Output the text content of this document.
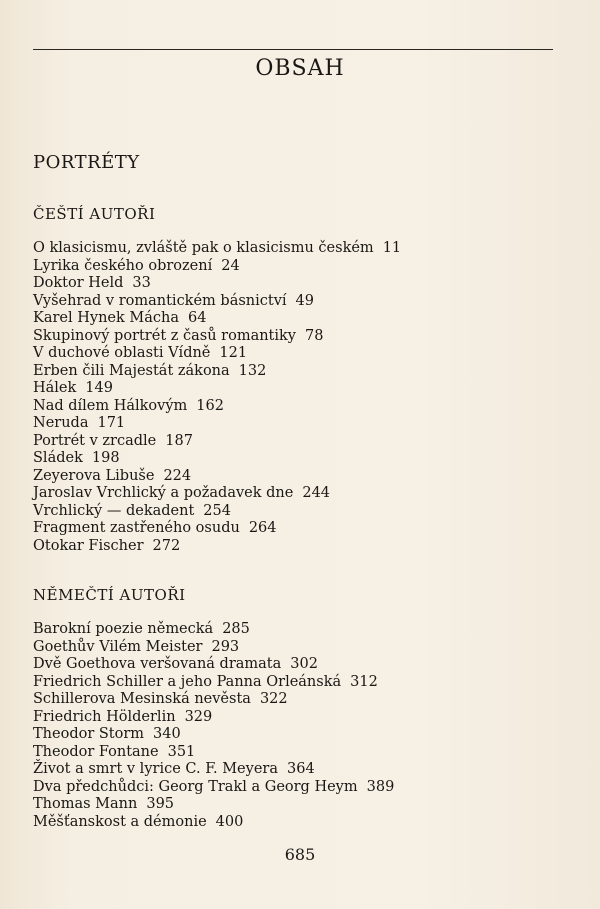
OBSAH
PORTRÉTY
ČEŠTÍ AUTOŘI
O klasicismu, zvláště pak o klasicismu českém 11
Lyrika českého obrození 24
Doktor Held 33
Vyšehrad v romantickém básnictví 49
Karel Hynek Mácha 64
Skupinový portrét z časů romantiky 78
V duchové oblasti Vídně 121
Erben čili Majestát zákona 132
Hálek 149
Nad dílem Hálkovým 162
Neruda 171
Portrét v zrcadle 187
Sládek 198
Zeyerova Libuše 224
Jaroslav Vrchlický a požadavek dne 244
Vrchlický — dekadent 254
Fragment zastřeného osudu 264
Otokar Fischer 272
NĚMEČTÍ AUTOŘI
Barokní poezie německá 285
Goethův Vilém Meister 293
Dvě Goethova veršovaná dramata 302
Friedrich Schiller a jeho Panna Orleánská 312
Schillerova Mesinská nevěsta 322
Friedrich Hölderlin 329
Theodor Storm 340
Theodor Fontane 351
Život a smrt v lyrice C. F. Meyera 364
Dva předchůdci: Georg Trakl a Georg Heym 389
Thomas Mann 395
Měšťanskost a démonie 400
685
